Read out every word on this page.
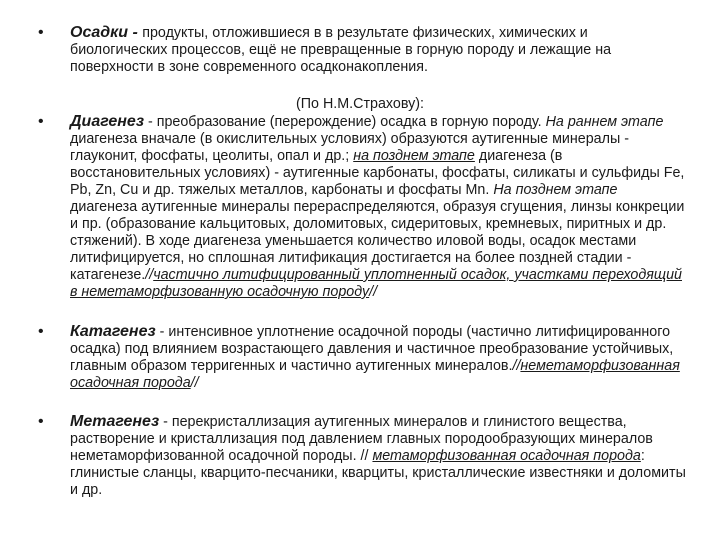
• Осадки - продукты, отложившиеся в в результате физических, химических и биологических процессов, ещё не превращенные в горную породу и лежащие на поверхности в зоне современного осадконакопления.
(По Н.М.Страхову):
• Диагенез - преобразование (перерождение) осадка в горную породу. На раннем этапе диагенеза вначале (в окислительных условиях) образуются аутигенные минералы - глауконит, фосфаты, цеолиты, опал и др.; на позднем этапе диагенеза (в восстановительных условиях) - аутигенные карбонаты, фосфаты, силикаты и сульфиды Fe, Pb, Zn, Cu и др. тяжелых металлов, карбонаты и фосфаты Mn. На позднем этапе диагенеза аутигенные минералы перераспределяются, образуя сгущения, линзы конкреции и пр. (образование кальцитовых, доломитовых, сидеритовых, кремневых, пиритных и др. стяжений). В ходе диагенеза уменьшается количество иловой воды, осадок местами литифицируется, но сплошная литификация достигается на более поздней стадии - катагенезе.//частично литифицированный уплотненный осадок, участками переходящий в неметаморфизованную осадочную породу//
• Катагенез - интенсивное уплотнение осадочной породы (частично литифицированного осадка) под влиянием возрастающего давления и частичное преобразование устойчивых, главным образом терригенных и частично аутигенных минералов.//неметаморфизованная осадочная порода//
• Метагенез - перекристаллизация аутигенных минералов и глинистого вещества, растворение и кристаллизация под давлением главных породообразующих минералов неметаморфизованной осадочной породы. // метаморфизованная осадочная порода: глинистые сланцы, кварцито-песчаники, кварциты, кристаллические известняки и доломиты и др.
